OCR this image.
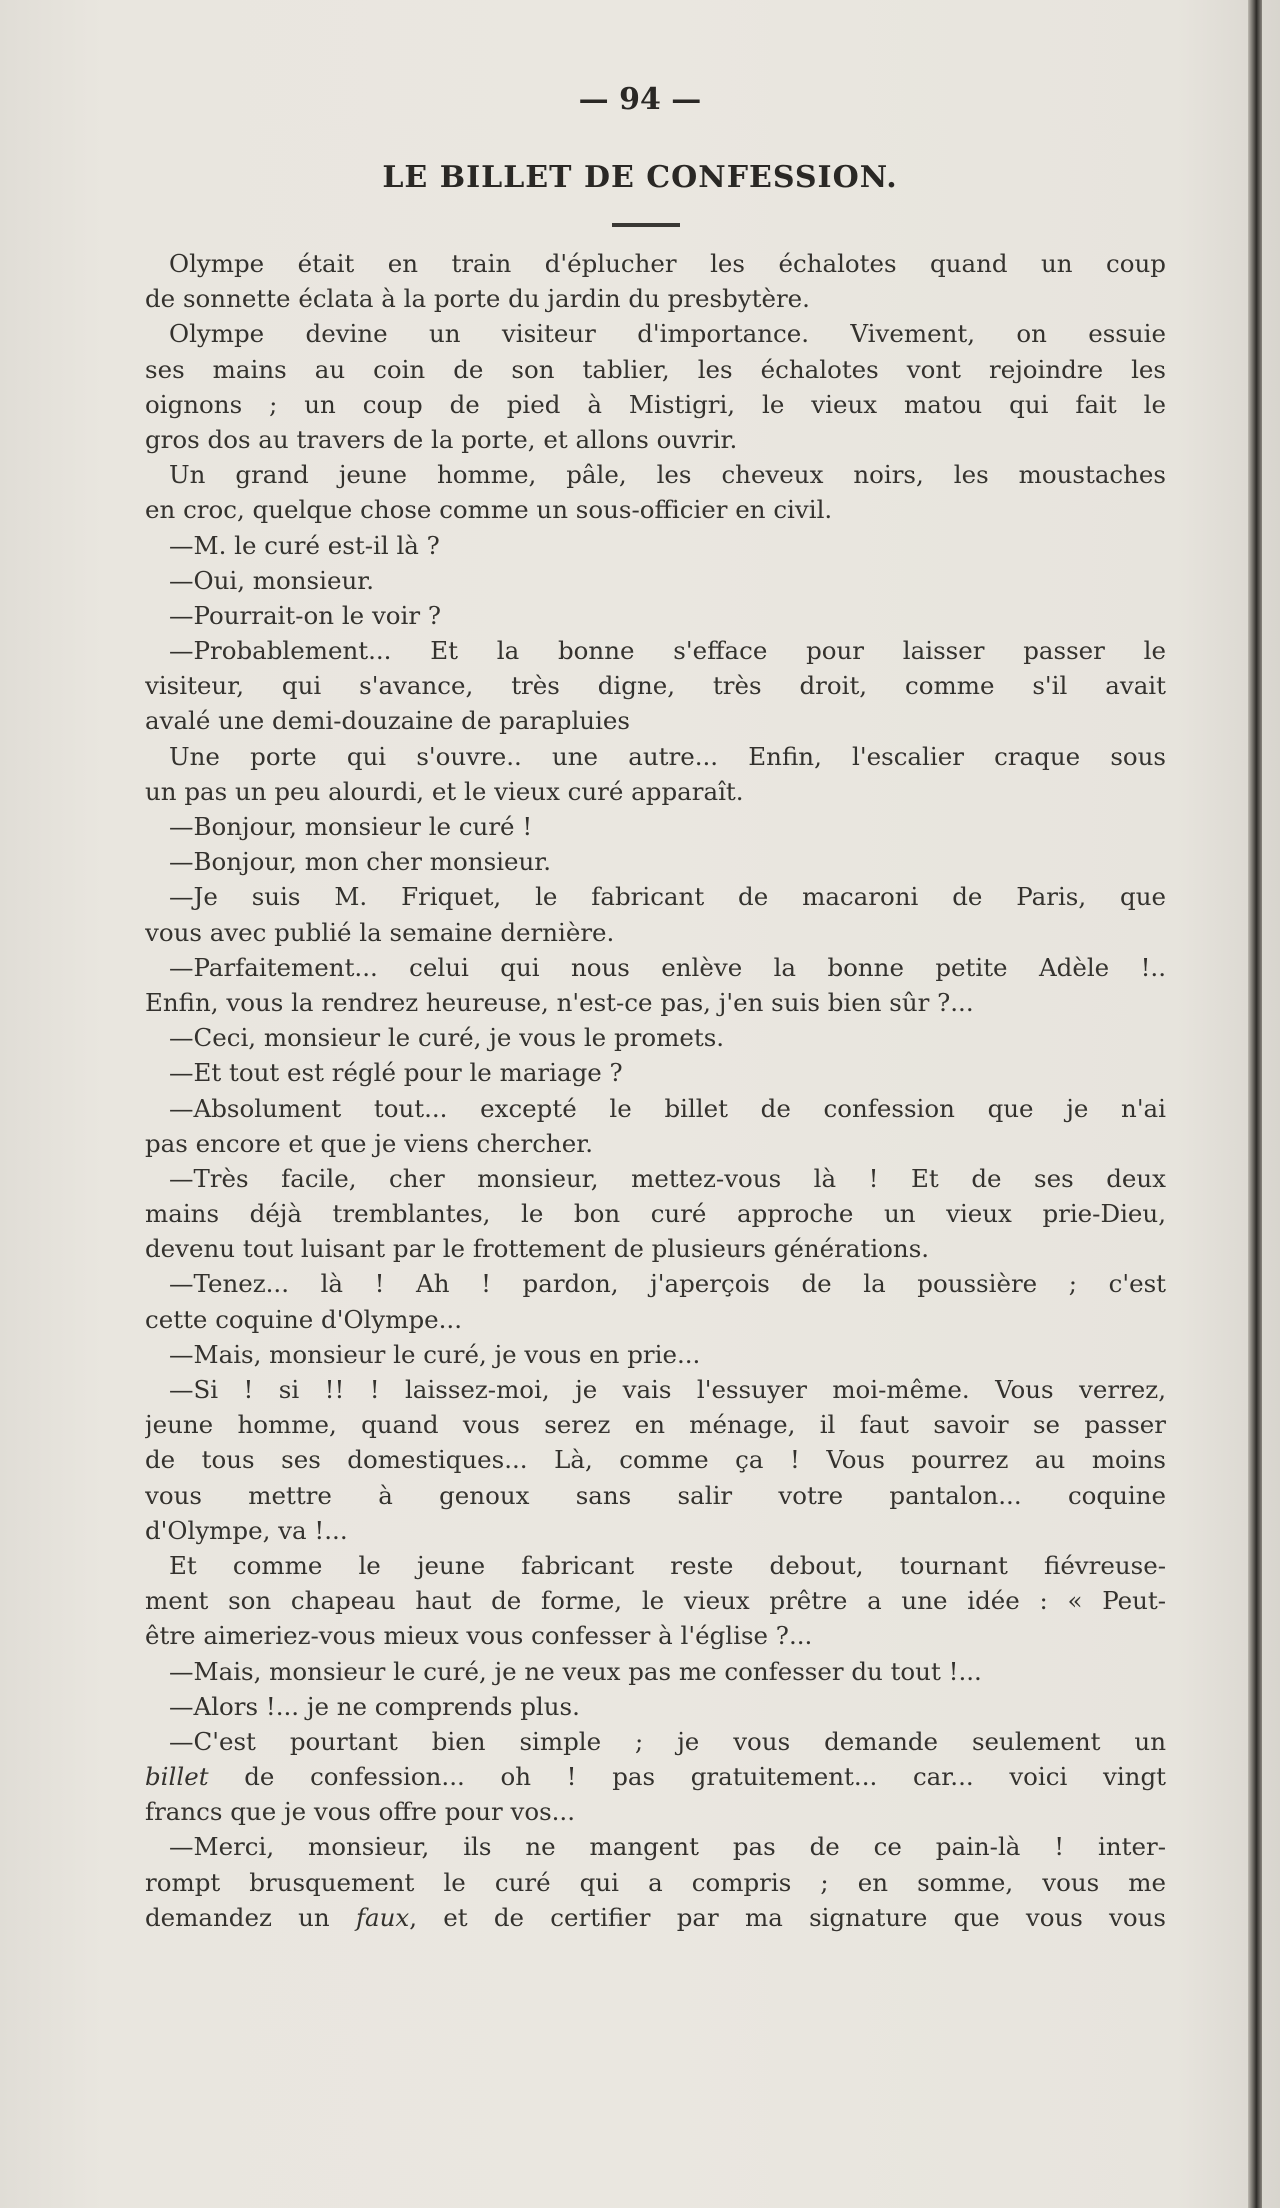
— 94 —
LE BILLET DE CONFESSION.
Olympe était en train d'éplucher les échalotes quand un coup
de sonnette éclata à la porte du jardin du presbytère.
Olympe devine un visiteur d'importance. Vivement, on essuie
ses mains au coin de son tablier, les échalotes vont rejoindre les
oignons ; un coup de pied à Mistigri, le vieux matou qui fait le
gros dos au travers de la porte, et allons ouvrir.
Un grand jeune homme, pâle, les cheveux noirs, les moustaches
en croc, quelque chose comme un sous-officier en civil.
—M. le curé est-il là ?
—Oui, monsieur.
—Pourrait-on le voir ?
—Probablement... Et la bonne s'efface pour laisser passer le
visiteur, qui s'avance, très digne, très droit, comme s'il avait
avalé une demi-douzaine de parapluies
Une porte qui s'ouvre.. une autre... Enfin, l'escalier craque sous
un pas un peu alourdi, et le vieux curé apparaît.
—Bonjour, monsieur le curé !
—Bonjour, mon cher monsieur.
—Je suis M. Friquet, le fabricant de macaroni de Paris, que
vous avec publié la semaine dernière.
—Parfaitement... celui qui nous enlève la bonne petite Adèle !..
Enfin, vous la rendrez heureuse, n'est-ce pas, j'en suis bien sûr ?...
—Ceci, monsieur le curé, je vous le promets.
—Et tout est réglé pour le mariage ?
—Absolument tout... excepté le billet de confession que je n'ai
pas encore et que je viens chercher.
—Très facile, cher monsieur, mettez-vous là ! Et de ses deux
mains déjà tremblantes, le bon curé approche un vieux prie-Dieu,
devenu tout luisant par le frottement de plusieurs générations.
—Tenez... là ! Ah ! pardon, j'aperçois de la poussière ; c'est
cette coquine d'Olympe...
—Mais, monsieur le curé, je vous en prie...
—Si ! si !! ! laissez-moi, je vais l'essuyer moi-même. Vous verrez,
jeune homme, quand vous serez en ménage, il faut savoir se passer
de tous ses domestiques... Là, comme ça ! Vous pourrez au moins
vous mettre à genoux sans salir votre pantalon... coquine
d'Olympe, va !...
Et comme le jeune fabricant reste debout, tournant fiévreuse-
ment son chapeau haut de forme, le vieux prêtre a une idée : « Peut-
être aimeriez-vous mieux vous confesser à l'église ?...
—Mais, monsieur le curé, je ne veux pas me confesser du tout !...
—Alors !... je ne comprends plus.
—C'est pourtant bien simple ; je vous demande seulement un
billet de confession... oh ! pas gratuitement... car... voici vingt
francs que je vous offre pour vos...
—Merci, monsieur, ils ne mangent pas de ce pain-là ! inter-
rompt brusquement le curé qui a compris ; en somme, vous me
demandez un faux, et de certifier par ma signature que vous vous
